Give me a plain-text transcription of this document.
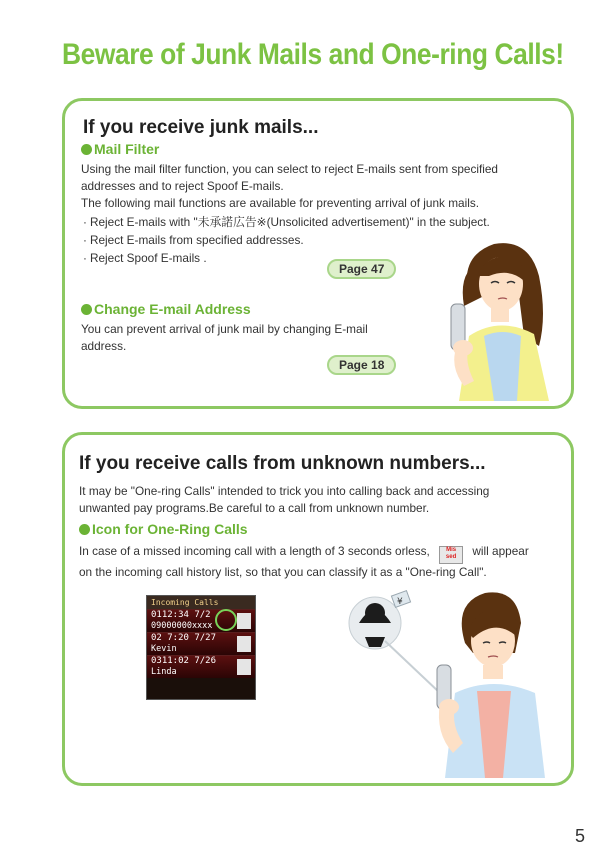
Beware of Junk Mails and One-ring Calls!
If you receive junk mails...
Mail Filter
Using the mail filter function, you can select to reject E-mails sent from specified
addresses and to reject Spoof E-mails.
The following mail functions are available for preventing arrival of junk mails.
· Reject E-mails with "未承諾広告※(Unsolicited advertisement)" in the subject.
· Reject E-mails from specified addresses.
· Reject Spoof E-mails .
Page 47
Change E-mail Address
You can prevent arrival of junk mail by changing E-mail
address.
Page 18
If you receive calls from unknown numbers...
It may be "One-ring Calls" intended to trick you into calling back and accessing
unwanted pay programs.Be careful to a call from unknown number.
Icon for One-Ring Calls
In case of a missed incoming call with a length of 3 seconds orless,	Mis
sed will appear
on the incoming call history list, so that you can classify it as a "One-ring Call".
¥
Incoming Calls
0112:34 7/2
09000000xxxx
02 7:20 7/27
Kevin
0311:02 7/26
Linda
5
